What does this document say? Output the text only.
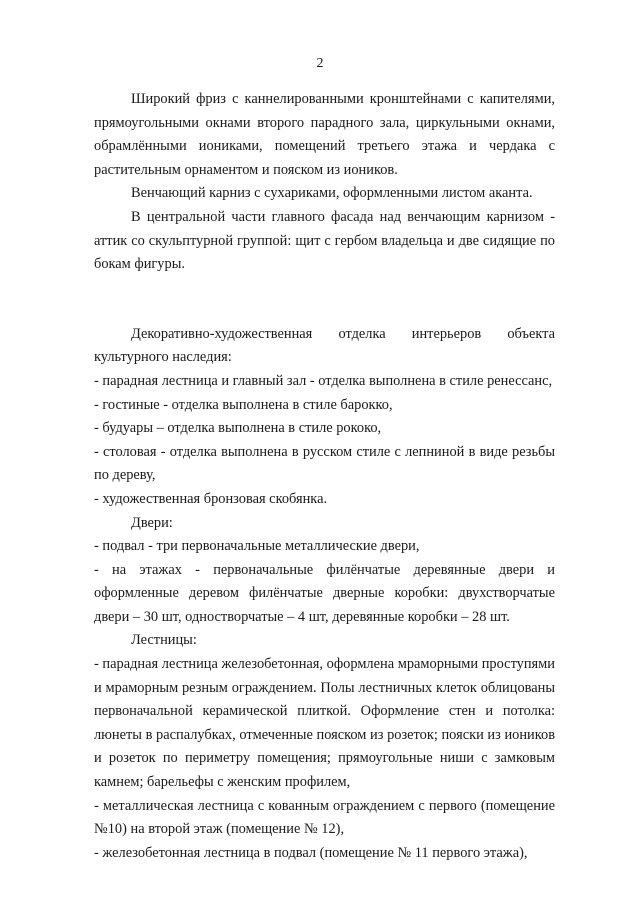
2

Широкий фриз с каннелированными кронштейнами с капителями, прямоугольными окнами второго парадного зала, циркульными окнами, обрамлёнными иониками, помещений третьего этажа и чердака с растительным орнаментом и пояском из иоников.

Венчающий карниз с сухариками, оформленными листом аканта.

В центральной части главного фасада над венчающим карнизом - аттик со скульптурной группой: щит с гербом владельца и две сидящие по бокам фигуры.

Декоративно-художественная отделка интерьеров объекта культурного наследия:

- парадная лестница и главный зал - отделка выполнена в стиле ренессанс,

- гостиные - отделка выполнена в стиле барокко,

- будуары – отделка выполнена в стиле рококо,

- столовая - отделка выполнена в русском стиле с лепниной в виде резьбы по дереву,

- художественная бронзовая скобянка.

Двери:

- подвал - три первоначальные металлические двери,

- на этажах - первоначальные филёнчатые деревянные двери и оформленные деревом филёнчатые дверные коробки: двухстворчатые двери – 30 шт, одностворчатые – 4 шт, деревянные коробки – 28 шт.

Лестницы:

- парадная лестница железобетонная, оформлена мраморными проступями и мраморным резным ограждением. Полы лестничных клеток облицованы первоначальной керамической плиткой. Оформление стен и потолка: люнеты в распалубках, отмеченные пояском из розеток; пояски из иоников и розеток по периметру помещения; прямоугольные ниши с замковым камнем; барельефы с женским профилем,

- металлическая лестница с кованным ограждением с первого (помещение №10) на второй этаж (помещение № 12),

- железобетонная лестница в подвал (помещение № 11 первого этажа),
